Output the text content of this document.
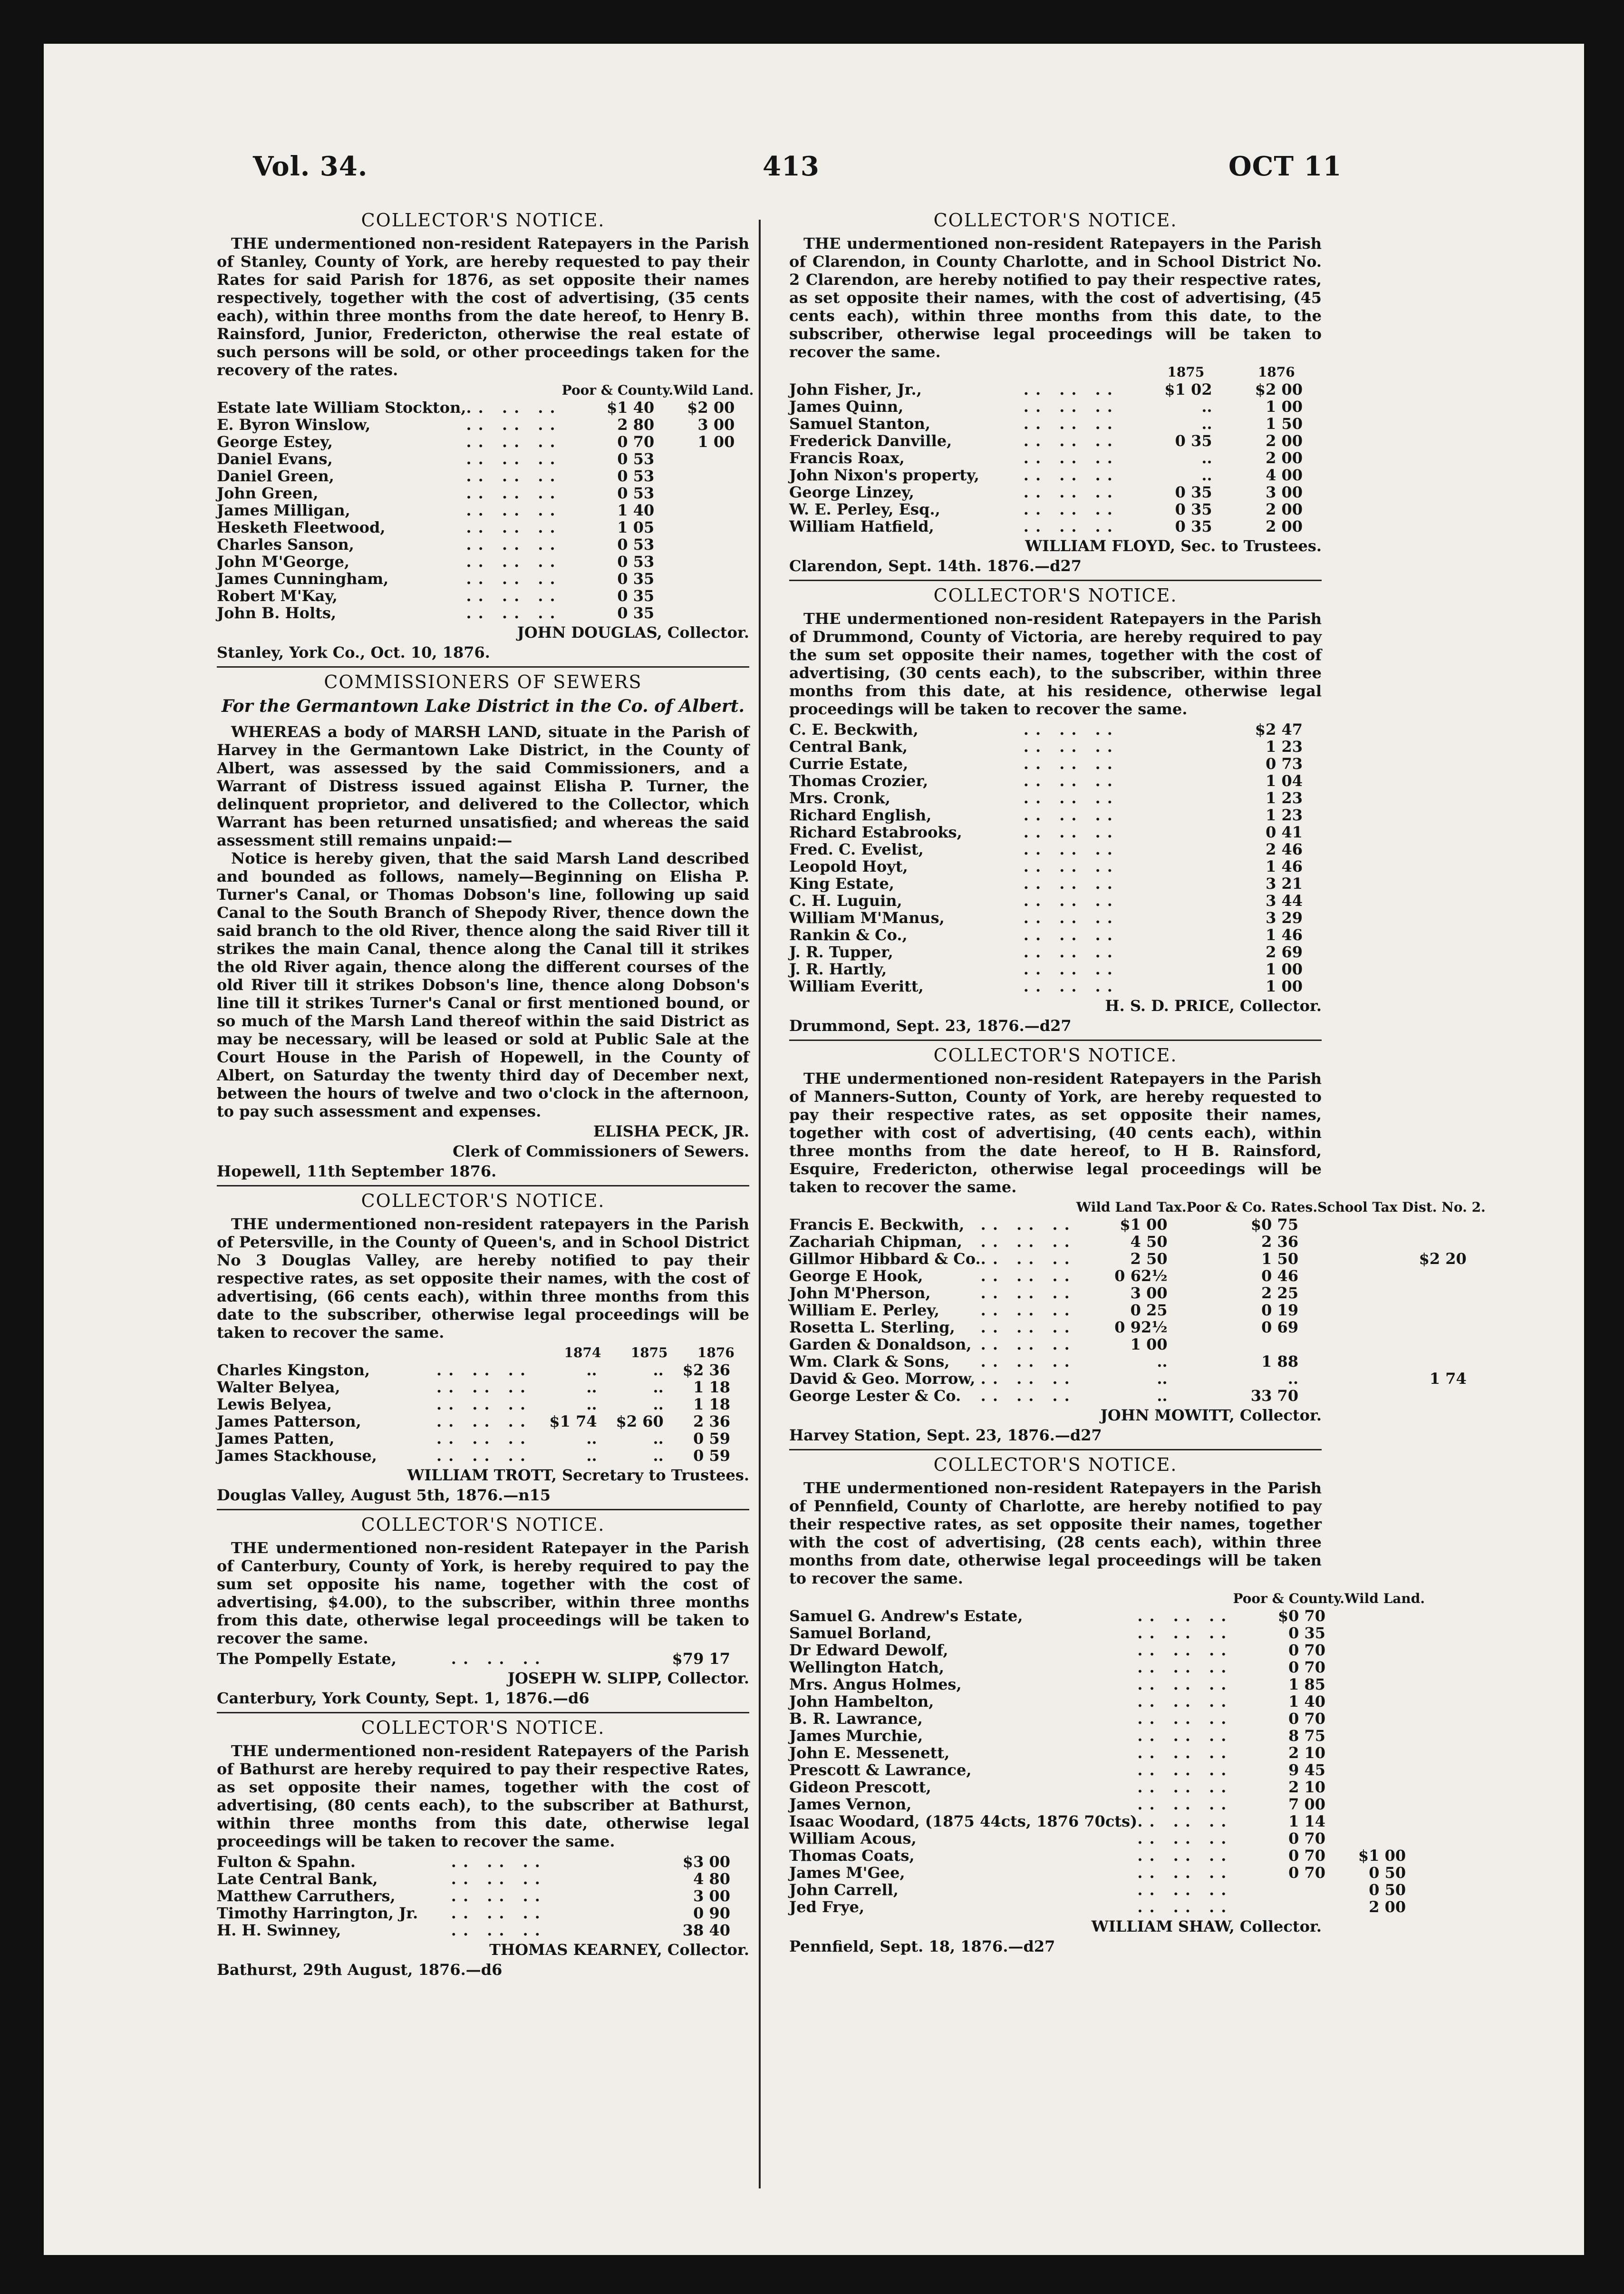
Vol. 34.	413	OCT 11
COLLECTOR'S NOTICE.
THE undermentioned non-resident Ratepayers in the Parish of Stanley, County of York, are hereby requested to pay their Rates for said Parish for 1876, as set opposite their names respectively, together with the cost of advertising, (35 cents each), within three months from the date hereof, to Henry B. Rainsford, Junior, Fredericton, otherwise the real estate of such persons will be sold, or other proceedings taken for the recovery of the rates.
		Poor & County.	Wild Land.
Estate late William Stockton,	.. .. ..	$1 40	$2 00
E. Byron Winslow,	.. .. ..	2 80	3 00
George Estey,	.. .. ..	0 70	1 00
Daniel Evans,	.. .. ..	0 53	
Daniel Green,	.. .. ..	0 53	
John Green,	.. .. ..	0 53	
James Milligan,	.. .. ..	1 40	
Hesketh Fleetwood,	.. .. ..	1 05	
Charles Sanson,	.. .. ..	0 53	
John M'George,	.. .. ..	0 53	
James Cunningham,	.. .. ..	0 35	
Robert M'Kay,	.. .. ..	0 35	
John B. Holts,	.. .. ..	0 35	
JOHN DOUGLAS, Collector.
Stanley, York Co., Oct. 10, 1876.
COMMISSIONERS OF SEWERS
For the Germantown Lake District in the Co. of Albert.
WHEREAS a body of MARSH LAND, situate in the Parish of Harvey in the Germantown Lake District, in the County of Albert, was assessed by the said Commissioners, and a Warrant of Distress issued against Elisha P. Turner, the delinquent proprietor, and delivered to the Collector, which Warrant has been returned unsatisfied; and whereas the said assessment still remains unpaid:—
Notice is hereby given, that the said Marsh Land described and bounded as follows, namely—Beginning on Elisha P. Turner's Canal, or Thomas Dobson's line, following up said Canal to the South Branch of Shepody River, thence down the said branch to the old River, thence along the said River till it strikes the main Canal, thence along the Canal till it strikes the old River again, thence along the different courses of the old River till it strikes Dobson's line, thence along Dobson's line till it strikes Turner's Canal or first mentioned bound, or so much of the Marsh Land thereof within the said District as may be necessary, will be leased or sold at Public Sale at the Court House in the Parish of Hopewell, in the County of Albert, on Saturday the twenty third day of December next, between the hours of twelve and two o'clock in the afternoon, to pay such assessment and expenses.
ELISHA PECK, JR.
Clerk of Commissioners of Sewers.
Hopewell, 11th September 1876.
COLLECTOR'S NOTICE.
THE undermentioned non-resident ratepayers in the Parish of Petersville, in the County of Queen's, and in School District No 3 Douglas Valley, are hereby notified to pay their respective rates, as set opposite their names, with the cost of advertising, (66 cents each), within three months from this date to the subscriber, otherwise legal proceedings will be taken to recover the same.
		1874	1875	1876
Charles Kingston,	.. .. ..	..	..	$2 36
Walter Belyea,	.. .. ..	..	..	1 18
Lewis Belyea,	.. .. ..	..	..	1 18
James Patterson,	.. .. ..	$1 74	$2 60	2 36
James Patten,	.. .. ..	..	..	0 59
James Stackhouse,	.. .. ..	..	..	0 59
WILLIAM TROTT, Secretary to Trustees.
Douglas Valley, August 5th, 1876.—n15
COLLECTOR'S NOTICE.
THE undermentioned non-resident Ratepayer in the Parish of Canterbury, County of York, is hereby required to pay the sum set opposite his name, together with the cost of advertising, $4.00), to the subscriber, within three months from this date, otherwise legal proceedings will be taken to recover the same.
The Pompelly Estate,	.. .. ..	$79 17
JOSEPH W. SLIPP, Collector.
Canterbury, York County, Sept. 1, 1876.—d6
COLLECTOR'S NOTICE.
THE undermentioned non-resident Ratepayers of the Parish of Bathurst are hereby required to pay their respective Rates, as set opposite their names, together with the cost of advertising, (80 cents each), to the subscriber at Bathurst, within three months from this date, otherwise legal proceedings will be taken to recover the same.
Fulton & Spahn.	.. .. ..	$3 00
Late Central Bank,	.. .. ..	4 80
Matthew Carruthers,	.. .. ..	3 00
Timothy Harrington, Jr.	.. .. ..	0 90
H. H. Swinney,	.. .. ..	38 40
THOMAS KEARNEY, Collector.
Bathurst, 29th August, 1876.—d6
COLLECTOR'S NOTICE.
THE undermentioned non-resident Ratepayers in the Parish of Clarendon, in County Charlotte, and in School District No. 2 Clarendon, are hereby notified to pay their respective rates, as set opposite their names, with the cost of advertising, (45 cents each), within three months from this date, to the subscriber, otherwise legal proceedings will be taken to recover the same.
		1875	1876
John Fisher, Jr.,	.. .. ..	$1 02	$2 00
James Quinn,	.. .. ..	..	1 00
Samuel Stanton,	.. .. ..	..	1 50
Frederick Danville,	.. .. ..	0 35	2 00
Francis Roax,	.. .. ..	..	2 00
John Nixon's property,	.. .. ..	..	4 00
George Linzey,	.. .. ..	0 35	3 00
W. E. Perley, Esq.,	.. .. ..	0 35	2 00
William Hatfield,	.. .. ..	0 35	2 00
WILLIAM FLOYD, Sec. to Trustees.
Clarendon, Sept. 14th. 1876.—d27
COLLECTOR'S NOTICE.
THE undermentioned non-resident Ratepayers in the Parish of Drummond, County of Victoria, are hereby required to pay the sum set opposite their names, together with the cost of advertising, (30 cents each), to the subscriber, within three months from this date, at his residence, otherwise legal proceedings will be taken to recover the same.
C. E. Beckwith,	.. .. ..	$2 47
Central Bank,	.. .. ..	1 23
Currie Estate,	.. .. ..	0 73
Thomas Crozier,	.. .. ..	1 04
Mrs. Cronk,	.. .. ..	1 23
Richard English,	.. .. ..	1 23
Richard Estabrooks,	.. .. ..	0 41
Fred. C. Evelist,	.. .. ..	2 46
Leopold Hoyt,	.. .. ..	1 46
King Estate,	.. .. ..	3 21
C. H. Luguin,	.. .. ..	3 44
William M'Manus,	.. .. ..	3 29
Rankin & Co.,	.. .. ..	1 46
J. R. Tupper,	.. .. ..	2 69
J. R. Hartly,	.. .. ..	1 00
William Everitt,	.. .. ..	1 00
H. S. D. PRICE, Collector.
Drummond, Sept. 23, 1876.—d27
COLLECTOR'S NOTICE.
THE undermentioned non-resident Ratepayers in the Parish of Manners-Sutton, County of York, are hereby requested to pay their respective rates, as set opposite their names, together with cost of advertising, (40 cents each), within three months from the date hereof, to H B. Rainsford, Esquire, Fredericton, otherwise legal proceedings will be taken to recover the same.
		Wild Land Tax.	Poor & Co. Rates.	School Tax Dist. No. 2.
Francis E. Beckwith,	.. .. ..	$1 00	$0 75	
Zachariah Chipman,	.. .. ..	4 50	2 36	
Gillmor Hibbard & Co.	.. .. ..	2 50	1 50	$2 20
George E Hook,	.. .. ..	0 62½	0 46	
John M'Pherson,	.. .. ..	3 00	2 25	
William E. Perley,	.. .. ..	0 25	0 19	
Rosetta L. Sterling,	.. .. ..	0 92½	0 69	
Garden & Donaldson,	.. .. ..	1 00		
Wm. Clark & Sons,	.. .. ..	..	1 88	
David & Geo. Morrow,	.. .. ..	..	..	1 74
George Lester & Co.	.. .. ..	..	33 70	
JOHN MOWITT, Collector.
Harvey Station, Sept. 23, 1876.—d27
COLLECTOR'S NOTICE.
THE undermentioned non-resident Ratepayers in the Parish of Pennfield, County of Charlotte, are hereby notified to pay their respective rates, as set opposite their names, together with the cost of advertising, (28 cents each), within three months from date, otherwise legal proceedings will be taken to recover the same.
		Poor & County.	Wild Land.
Samuel G. Andrew's Estate,	.. .. ..	$0 70	
Samuel Borland,	.. .. ..	0 35	
Dr Edward Dewolf,	.. .. ..	0 70	
Wellington Hatch,	.. .. ..	0 70	
Mrs. Angus Holmes,	.. .. ..	1 85	
John Hambelton,	.. .. ..	1 40	
B. R. Lawrance,	.. .. ..	0 70	
James Murchie,	.. .. ..	8 75	
John E. Messenett,	.. .. ..	2 10	
Prescott & Lawrance,	.. .. ..	9 45	
Gideon Prescott,	.. .. ..	2 10	
James Vernon,	.. .. ..	7 00	
Isaac Woodard, (1875 44cts, 1876 70cts)	.. .. ..	1 14	
William Acous,	.. .. ..	0 70	
Thomas Coats,	.. .. ..	0 70	$1 00
James M'Gee,	.. .. ..	0 70	0 50
John Carrell,	.. .. ..		0 50
Jed Frye,	.. .. ..		2 00
WILLIAM SHAW, Collector.
Pennfield, Sept. 18, 1876.—d27
